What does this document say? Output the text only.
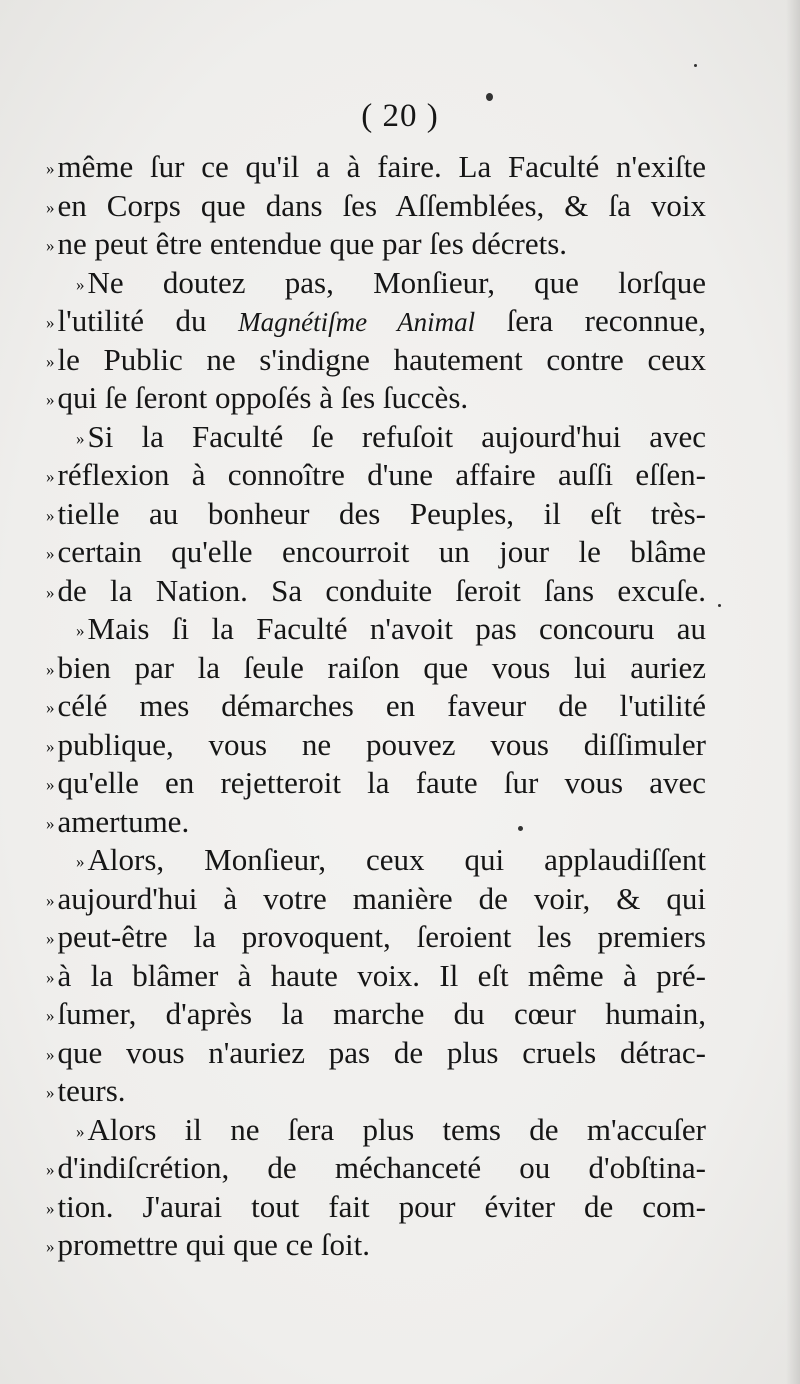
( 20 )
»même ſur ce qu'il a à faire. La Faculté n'exiſte
»en Corps que dans ſes Aſſemblées, & ſa voix
»ne peut être entendue que par ſes décrets.
»Ne doutez pas, Monſieur, que lorſque
»l'utilité du Magnétiſme Animal ſera reconnue,
»le Public ne s'indigne hautement contre ceux
»qui ſe ſeront oppoſés à ſes ſuccès.
»Si la Faculté ſe refuſoit aujourd'hui avec
»réflexion à connoître d'une affaire auſſi eſſen-
»tielle au bonheur des Peuples, il eſt très-
»certain qu'elle encourroit un jour le blâme
»de la Nation. Sa conduite ſeroit ſans excuſe.
»Mais ſi la Faculté n'avoit pas concouru au
»bien par la ſeule raiſon que vous lui auriez
»célé mes démarches en faveur de l'utilité
»publique, vous ne pouvez vous diſſimuler
»qu'elle en rejetteroit la faute ſur vous avec
»amertume.
»Alors, Monſieur, ceux qui applaudiſſent
»aujourd'hui à votre manière de voir, & qui
»peut-être la provoquent, ſeroient les premiers
»à la blâmer à haute voix. Il eſt même à pré-
»ſumer, d'après la marche du cœur humain,
»que vous n'auriez pas de plus cruels détrac-
»teurs.
»Alors il ne ſera plus tems de m'accuſer
»d'indiſcrétion, de méchanceté ou d'obſtina-
»tion. J'aurai tout fait pour éviter de com-
»promettre qui que ce ſoit.
